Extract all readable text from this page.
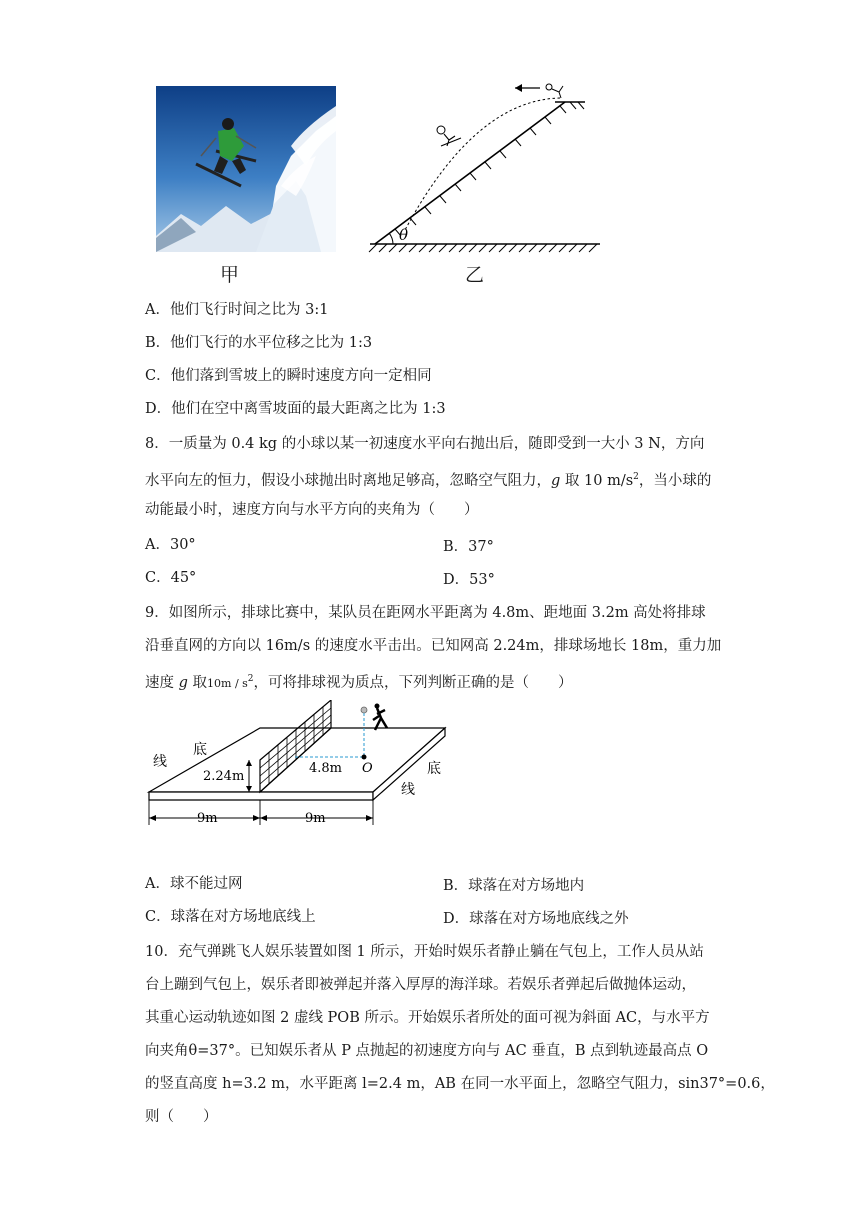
甲
θ
乙
A．他们飞行时间之比为 3:1
B．他们飞行的水平位移之比为 1:3
C．他们落到雪坡上的瞬时速度方向一定相同
D．他们在空中离雪坡面的最大距离之比为 1:3
8．一质量为 0.4 kg 的小球以某一初速度水平向右抛出后，随即受到一大小 3 N，方向
水平向左的恒力，假设小球抛出时离地足够高，忽略空气阻力，g 取 10 $m/s^2$，当小球的
动能最小时，速度方向与水平方向的夹角为（　　）
A．30°	B．37°
C．45°	D．53°
9．如图所示，排球比赛中，某队员在距网水平距离为 4.8m、距地面 3.2m 高处将排球
沿垂直网的方向以 16m/s 的速度水平击出。已知网高 2.24m，排球场地长 18m，重力加
速度 g 取$10m / s^2$，可将排球视为质点，下列判断正确的是（　　）
底
线	底
线
2.24m
4.8m O
9m	9m
A．球不能过网	B．球落在对方场地内
C．球落在对方场地底线上	D．球落在对方场地底线之外
10．充气弹跳飞人娱乐装置如图 1 所示，开始时娱乐者静止躺在气包上，工作人员从站
台上蹦到气包上，娱乐者即被弹起并落入厚厚的海洋球。若娱乐者弹起后做抛体运动，
其重心运动轨迹如图 2 虚线 POB 所示。开始娱乐者所处的面可视为斜面 AC，与水平方
向夹角θ=37°。已知娱乐者从 P 点抛起的初速度方向与 AC 垂直，B 点到轨迹最高点 O
的竖直高度 h=3.2 m，水平距离 l=2.4 m，AB 在同一水平面上，忽略空气阻力，sin37°=0.6，
则（　　）
